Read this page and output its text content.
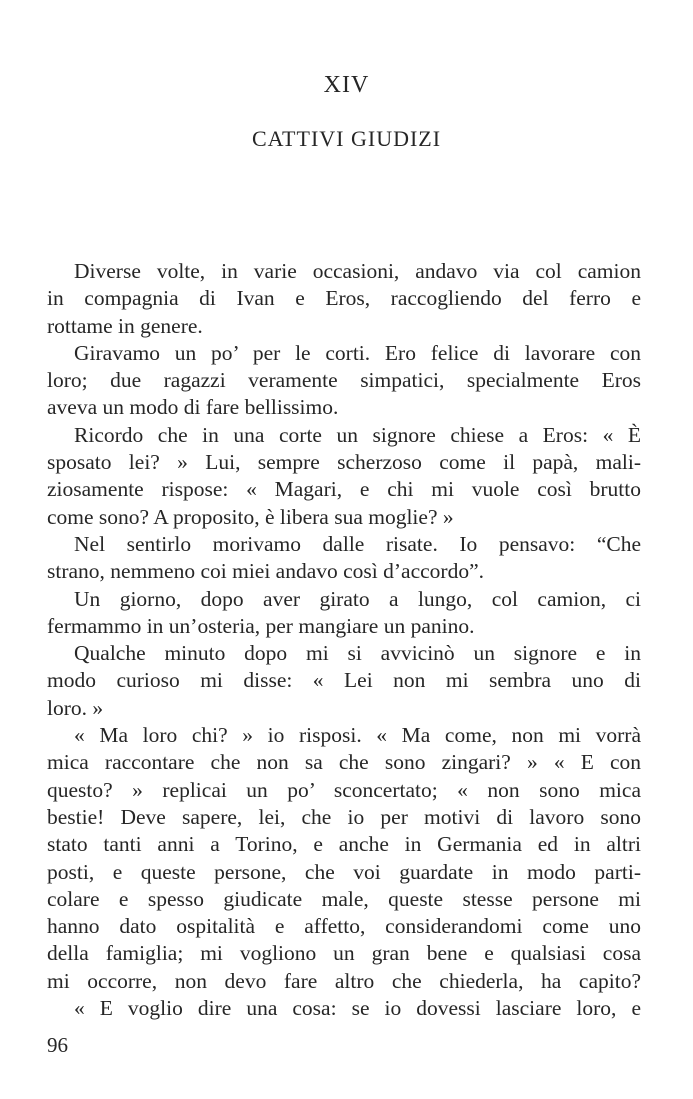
XIV
CATTIVI GIUDIZI
Diverse volte, in varie occasioni, andavo via col camion
in compagnia di Ivan e Eros, raccogliendo del ferro e
rottame in genere.
Giravamo un po’ per le corti. Ero felice di lavorare con
loro; due ragazzi veramente simpatici, specialmente Eros
aveva un modo di fare bellissimo.
Ricordo che in una corte un signore chiese a Eros: « È
sposato lei? » Lui, sempre scherzoso come il papà, mali-
ziosamente rispose: « Magari, e chi mi vuole così brutto
come sono? A proposito, è libera sua moglie? »
Nel sentirlo morivamo dalle risate. Io pensavo: “Che
strano, nemmeno coi miei andavo così d’accordo”.
Un giorno, dopo aver girato a lungo, col camion, ci
fermammo in un’osteria, per mangiare un panino.
Qualche minuto dopo mi si avvicinò un signore e in
modo curioso mi disse: « Lei non mi sembra uno di
loro. »
« Ma loro chi? » io risposi. « Ma come, non mi vorrà
mica raccontare che non sa che sono zingari? » « E con
questo? » replicai un po’ sconcertato; « non sono mica
bestie! Deve sapere, lei, che io per motivi di lavoro sono
stato tanti anni a Torino, e anche in Germania ed in altri
posti, e queste persone, che voi guardate in modo parti-
colare e spesso giudicate male, queste stesse persone mi
hanno dato ospitalità e affetto, considerandomi come uno
della famiglia; mi vogliono un gran bene e qualsiasi cosa
mi occorre, non devo fare altro che chiederla, ha capito?
« E voglio dire una cosa: se io dovessi lasciare loro, e
96
